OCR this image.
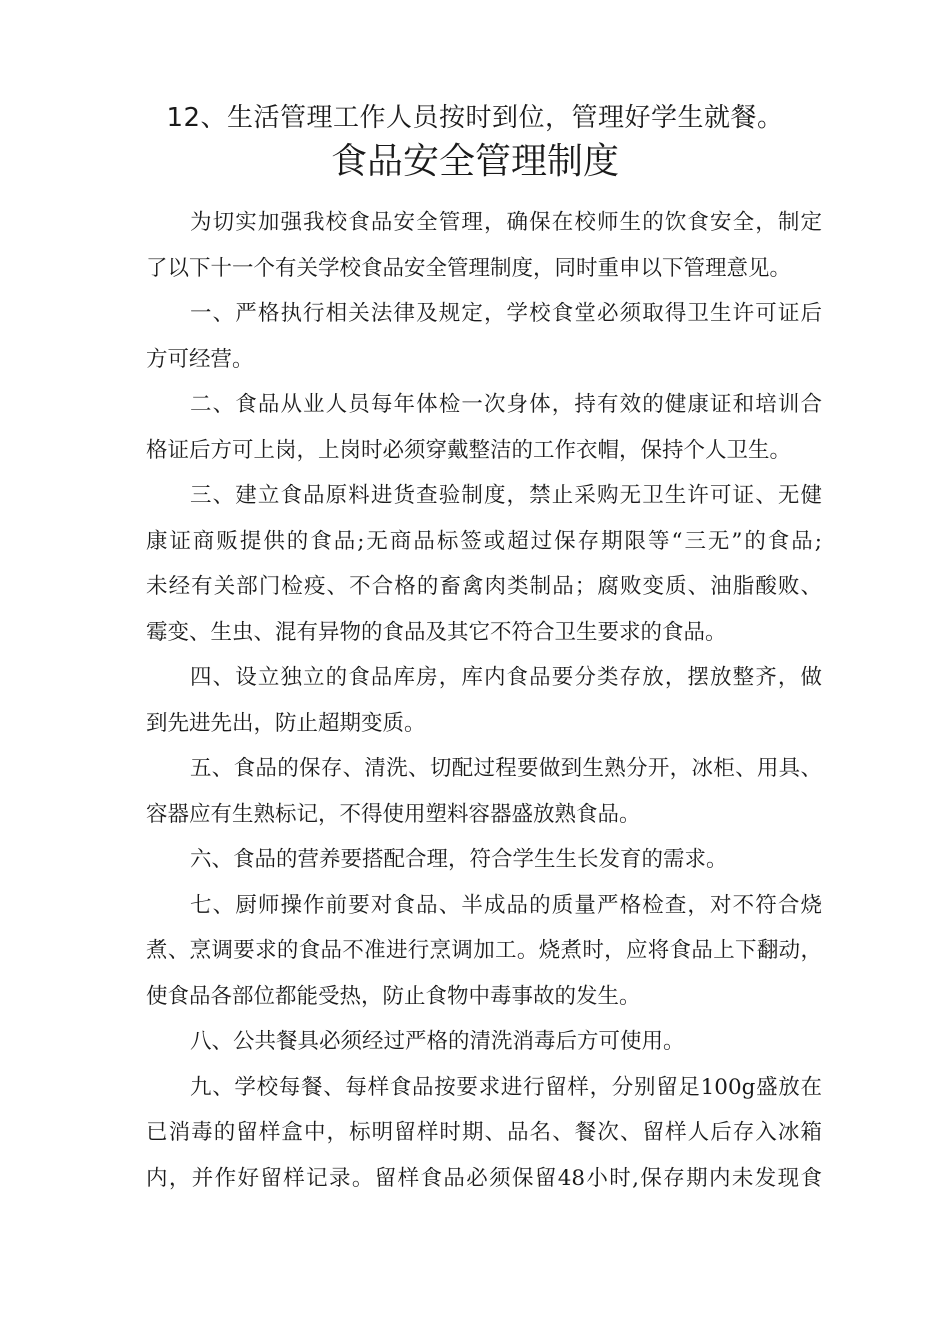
12、生活管理工作人员按时到位，管理好学生就餐。
食品安全管理制度
为切实加强我校食品安全管理，确保在校师生的饮食安全，制定
了以下十一个有关学校食品安全管理制度，同时重申以下管理意见。
一、严格执行相关法律及规定，学校食堂必须取得卫生许可证后
方可经营。
二、食品从业人员每年体检一次身体，持有效的健康证和培训合
格证后方可上岗，上岗时必须穿戴整洁的工作衣帽，保持个人卫生。
三、建立食品原料进货查验制度，禁止采购无卫生许可证、无健
康证商贩提供的食品;无商品标签或超过保存期限等“三无”的食品;
未经有关部门检疫、不合格的畜禽肉类制品；腐败变质、油脂酸败、
霉变、生虫、混有异物的食品及其它不符合卫生要求的食品。
四、设立独立的食品库房，库内食品要分类存放，摆放整齐，做
到先进先出，防止超期变质。
五、食品的保存、清洗、切配过程要做到生熟分开，冰柜、用具、
容器应有生熟标记，不得使用塑料容器盛放熟食品。
六、食品的营养要搭配合理，符合学生生长发育的需求。
七、厨师操作前要对食品、半成品的质量严格检查，对不符合烧
煮、烹调要求的食品不准进行烹调加工。烧煮时，应将食品上下翻动，
使食品各部位都能受热，防止食物中毒事故的发生。
八、公共餐具必须经过严格的清洗消毒后方可使用。
九、学校每餐、每样食品按要求进行留样，分别留足100g盛放在
已消毒的留样盒中，标明留样时期、品名、餐次、留样人后存入冰箱
内，并作好留样记录。留样食品必须保留48小时,保存期内未发现食
